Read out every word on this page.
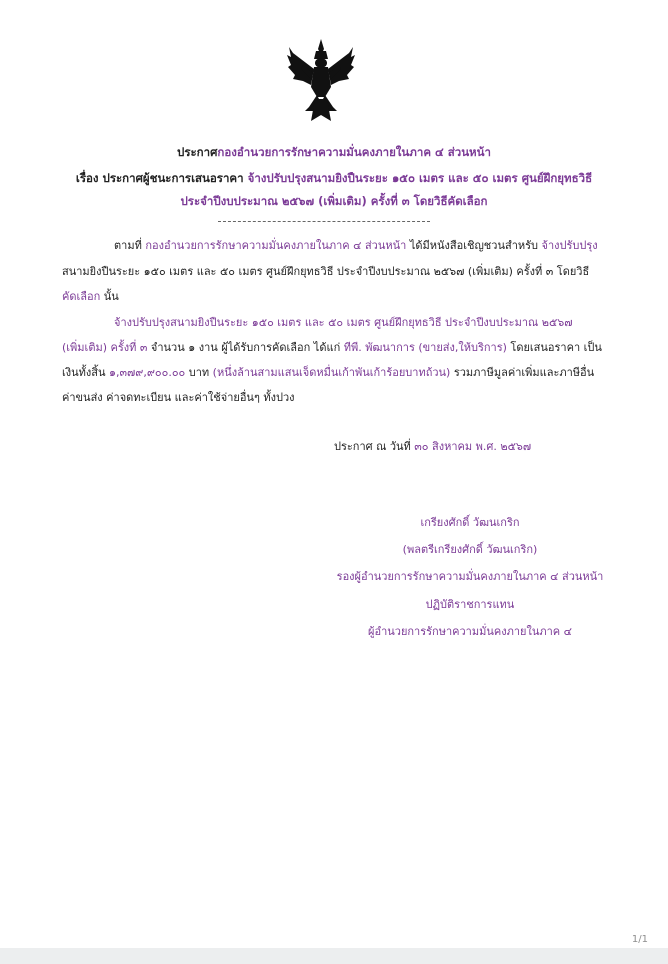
ประกาศกองอำนวยการรักษาความมั่นคงภายในภาค ๔ ส่วนหน้า
เรื่อง ประกาศผู้ชนะการเสนอราคา จ้างปรับปรุงสนามยิงปืนระยะ ๑๕๐ เมตร และ ๕๐ เมตร ศูนย์ฝึกยุทธวิธี
ประจำปีงบประมาณ ๒๕๖๗ (เพิ่มเติม) ครั้งที่ ๓ โดยวิธีคัดเลือก
ตามที่ กองอำนวยการรักษาความมั่นคงภายในภาค ๔ ส่วนหน้า ได้มีหนังสือเชิญชวนสำหรับ จ้างปรับปรุง
สนามยิงปืนระยะ ๑๕๐ เมตร และ ๕๐ เมตร ศูนย์ฝึกยุทธวิธี ประจำปีงบประมาณ ๒๕๖๗ (เพิ่มเติม) ครั้งที่ ๓ โดยวิธี
คัดเลือก นั้น
จ้างปรับปรุงสนามยิงปืนระยะ ๑๕๐ เมตร และ ๕๐ เมตร ศูนย์ฝึกยุทธวิธี ประจำปีงบประมาณ ๒๕๖๗
(เพิ่มเติม) ครั้งที่ ๓ จำนวน ๑ งาน ผู้ได้รับการคัดเลือก ได้แก่ ทีพี. พัฒนาการ (ขายส่ง,ให้บริการ) โดยเสนอราคา เป็น
เงินทั้งสิ้น ๑,๓๗๙,๙๐๐.๐๐ บาท (หนึ่งล้านสามแสนเจ็ดหมื่นเก้าพันเก้าร้อยบาทถ้วน) รวมภาษีมูลค่าเพิ่มและภาษีอื่น
ค่าขนส่ง ค่าจดทะเบียน และค่าใช้จ่ายอื่นๆ ทั้งปวง
ประกาศ ณ วันที่ ๓๐ สิงหาคม พ.ศ. ๒๕๖๗
เกรียงศักดิ์ วัฒนเกริก
(พลตรีเกรียงศักดิ์ วัฒนเกริก)
รองผู้อำนวยการรักษาความมั่นคงภายในภาค ๔ ส่วนหน้า
ปฏิบัติราชการแทน
ผู้อำนวยการรักษาความมั่นคงภายในภาค ๔
1/1
